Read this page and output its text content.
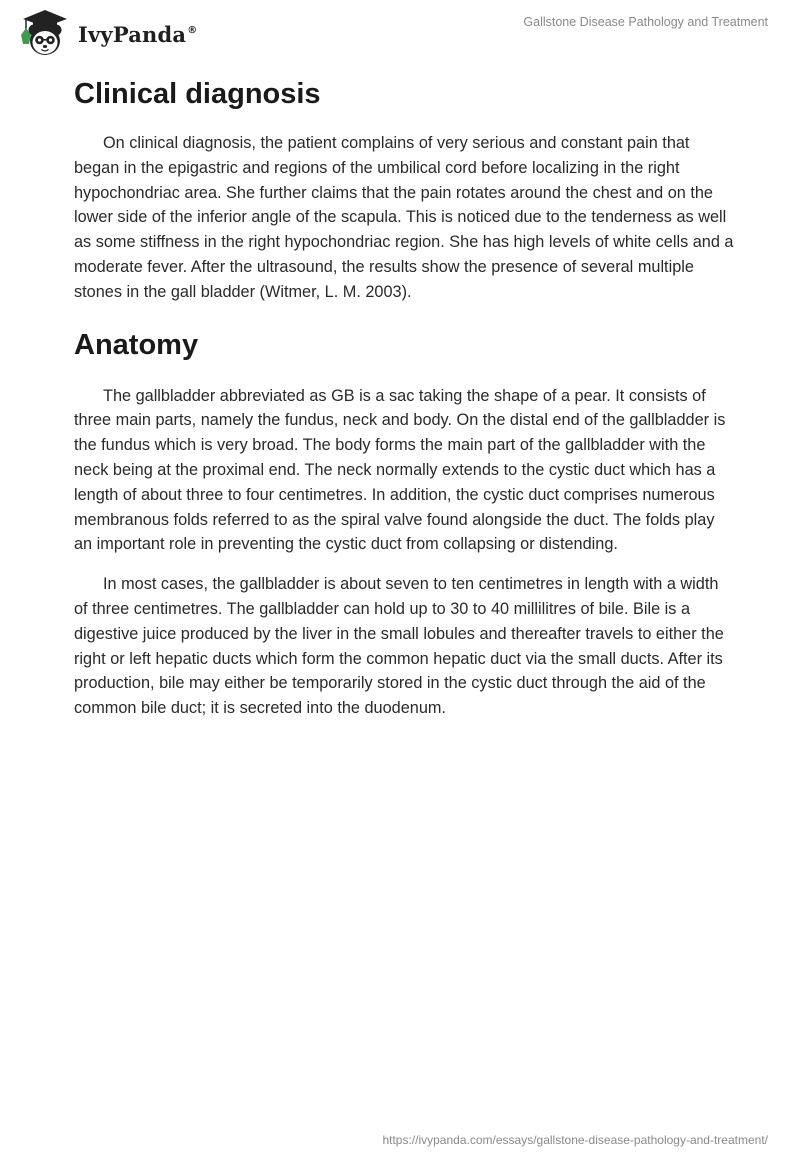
IvyPanda®
Gallstone Disease Pathology and Treatment
Clinical diagnosis

On clinical diagnosis, the patient complains of very serious and constant pain that began in the epigastric and regions of the umbilical cord before localizing in the right hypochondriac area. She further claims that the pain rotates around the chest and on the lower side of the inferior angle of the scapula. This is noticed due to the tenderness as well as some stiffness in the right hypochondriac region. She has high levels of white cells and a moderate fever. After the ultrasound, the results show the presence of several multiple stones in the gall bladder (Witmer, L. M. 2003).

Anatomy

The gallbladder abbreviated as GB is a sac taking the shape of a pear. It consists of three main parts, namely the fundus, neck and body. On the distal end of the gallbladder is the fundus which is very broad. The body forms the main part of the gallbladder with the neck being at the proximal end. The neck normally extends to the cystic duct which has a length of about three to four centimetres. In addition, the cystic duct comprises numerous membranous folds referred to as the spiral valve found alongside the duct. The folds play an important role in preventing the cystic duct from collapsing or distending.

In most cases, the gallbladder is about seven to ten centimetres in length with a width of three centimetres. The gallbladder can hold up to 30 to 40 millilitres of bile. Bile is a digestive juice produced by the liver in the small lobules and thereafter travels to either the right or left hepatic ducts which form the common hepatic duct via the small ducts. After its production, bile may either be temporarily stored in the cystic duct through the aid of the common bile duct; it is secreted into the duodenum.

https://ivypanda.com/essays/gallstone-disease-pathology-and-treatment/
